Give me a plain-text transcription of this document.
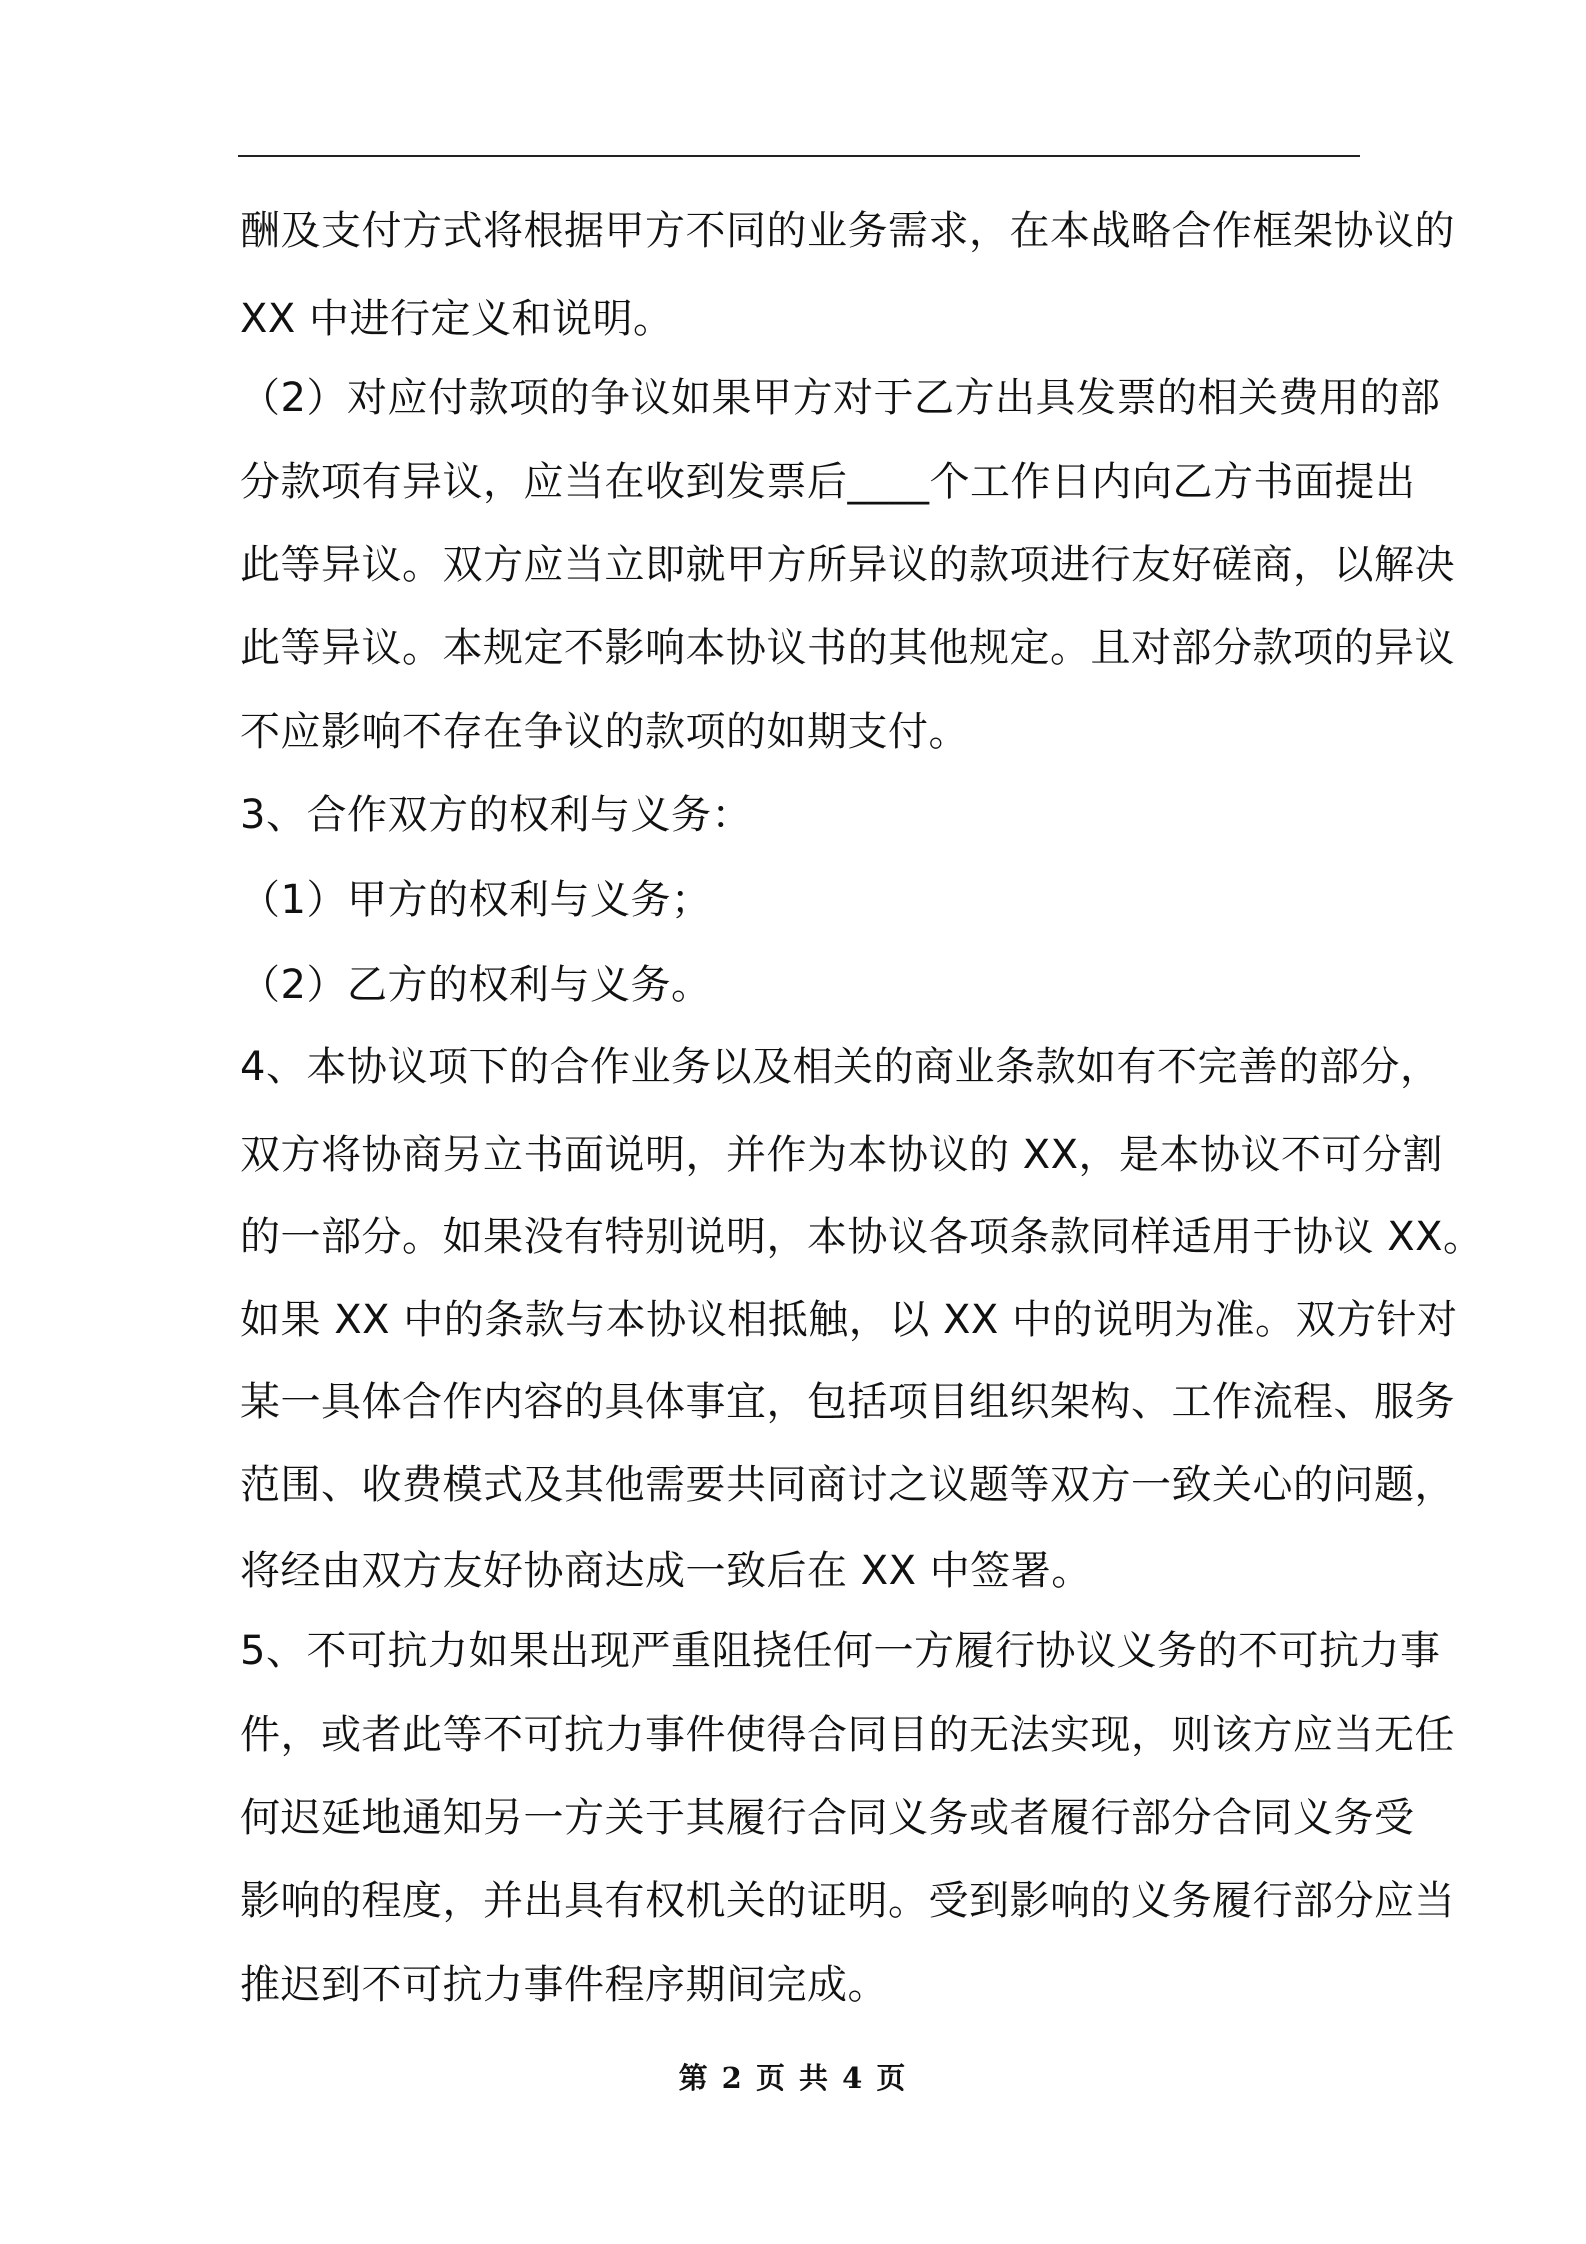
酬及支付方式将根据甲方不同的业务需求，在本战略合作框架协议的
XX 中进行定义和说明。
（2）对应付款项的争议如果甲方对于乙方出具发票的相关费用的部
分款项有异议，应当在收到发票后____个工作日内向乙方书面提出
此等异议。双方应当立即就甲方所异议的款项进行友好磋商，以解决
此等异议。本规定不影响本协议书的其他规定。且对部分款项的异议
不应影响不存在争议的款项的如期支付。
3、合作双方的权利与义务：
（1）甲方的权利与义务；
（2）乙方的权利与义务。
4、本协议项下的合作业务以及相关的商业条款如有不完善的部分，
双方将协商另立书面说明，并作为本协议的 XX，是本协议不可分割
的一部分。如果没有特别说明，本协议各项条款同样适用于协议 XX。
如果 XX 中的条款与本协议相抵触，以 XX 中的说明为准。双方针对
某一具体合作内容的具体事宜，包括项目组织架构、工作流程、服务
范围、收费模式及其他需要共同商讨之议题等双方一致关心的问题，
将经由双方友好协商达成一致后在 XX 中签署。
5、不可抗力如果出现严重阻挠任何一方履行协议义务的不可抗力事
件，或者此等不可抗力事件使得合同目的无法实现，则该方应当无任
何迟延地通知另一方关于其履行合同义务或者履行部分合同义务受
影响的程度，并出具有权机关的证明。受到影响的义务履行部分应当
推迟到不可抗力事件程序期间完成。
第 2 页 共 4 页
